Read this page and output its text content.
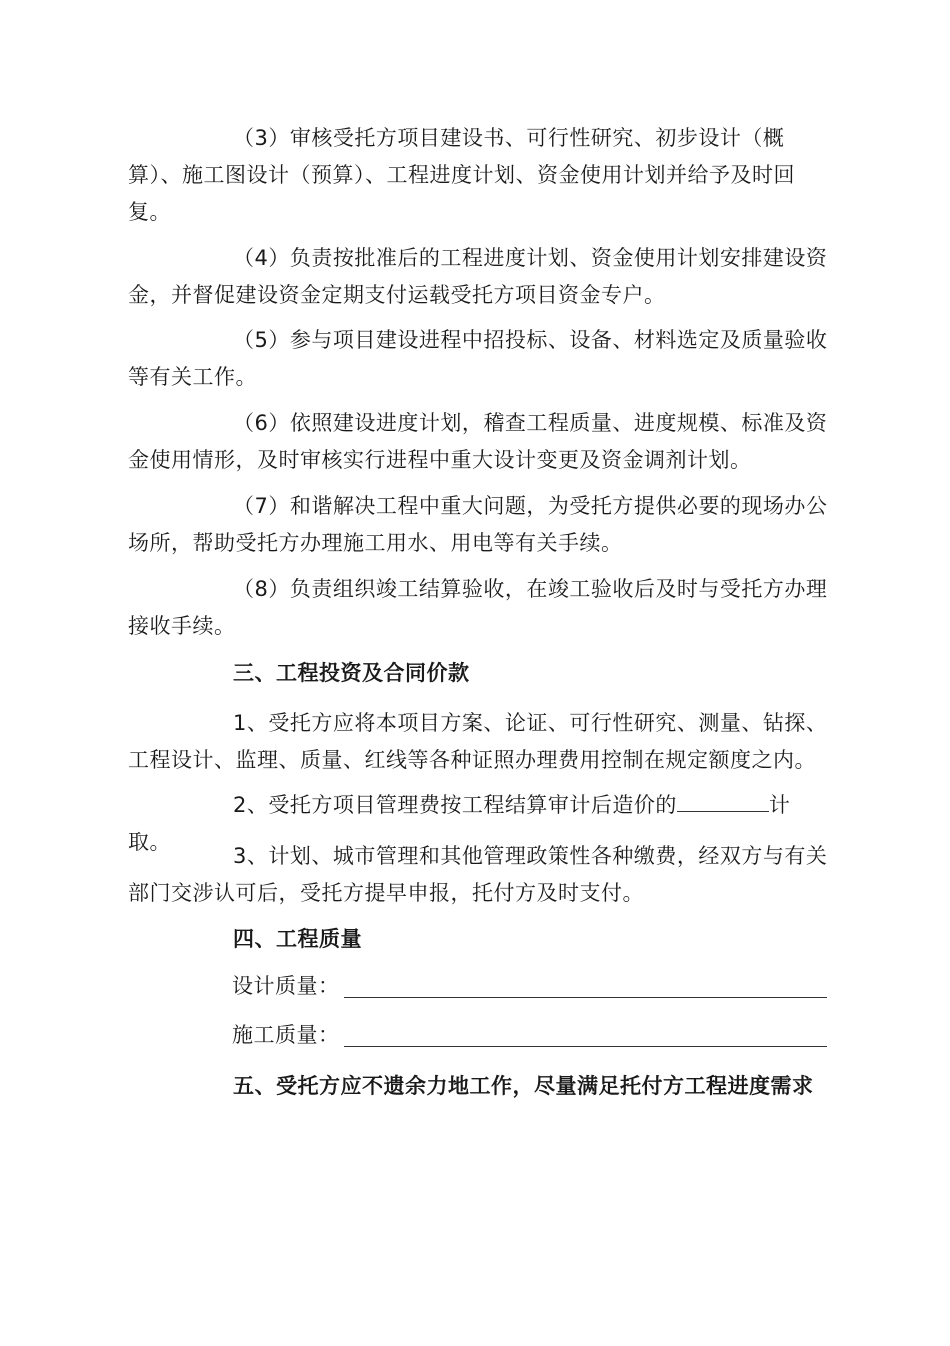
（3）审核受托方项目建设书、可行性研究、初步设计（概算）、施工图设计（预算）、工程进度计划、资金使用计划并给予及时回复。

（4）负责按批准后的工程进度计划、资金使用计划安排建设资金，并督促建设资金定期支付运载受托方项目资金专户。

（5）参与项目建设进程中招投标、设备、材料选定及质量验收等有关工作。

（6）依照建设进度计划，稽查工程质量、进度规模、标准及资金使用情形，及时审核实行进程中重大设计变更及资金调剂计划。

（7）和谐解决工程中重大问题，为受托方提供必要的现场办公场所，帮助受托方办理施工用水、用电等有关手续。

（8）负责组织竣工结算验收，在竣工验收后及时与受托方办理接收手续。

三、工程投资及合同价款

1、受托方应将本项目方案、论证、可行性研究、测量、钻探、工程设计、监理、质量、红线等各种证照办理费用控制在规定额度之内。

2、受托方项目管理费按工程结算审计后造价的	计取。

3、计划、城市管理和其他管理政策性各种缴费，经双方与有关部门交涉认可后，受托方提早申报，托付方及时支付。

四、工程质量

设计质量：
施工质量：

五、受托方应不遗余力地工作，尽量满足托付方工程进度需求
